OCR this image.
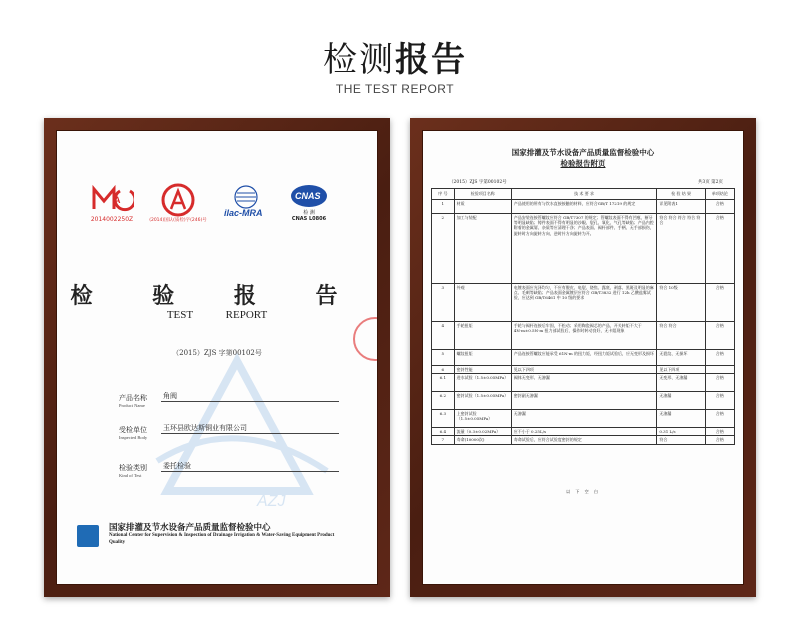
检测报告
THE TEST REPORT
A
2014002250Z	(2014)国认(质检)字(246)号
ilac-MRA
CNAS
检 测
CNAS L0806
AZJ
检 验 报 告
TEST REPORT
（2015）ZJS 字第00102号
产品名称
Product Name
角阀
受检单位
Inspected Body
玉环县欧达斯铜业有限公司
检验类别
Kind of Test
委托检验
国家排灌及节水设备产品质量监督检验中心
National Center for Supervision & Inspection of Drainage Irrigation & Water-Saving Equipment Product Quality
国家排灌及节水设备产品质量监督检验中心
检验报告附页
（2015）ZJS 字第00102号	共3页 第2页
序 号	检验项目名称	技 术 要 求	检 验 结 果	单项结论
1	材质	产品使用的所有与饮水直接接触的材料，应符合GB/T 17219 的规定	详见附表1	合格
2	加工与装配	产品安装连接管螺纹应符合 GB/T7307 的规定；管螺纹表面不得有凹痕、断牙等明显缺陷；铸件表面不得有明显的沙眼、裂孔、氧化、气孔等缺陷；产品内腔附着的金属屑、杂质等应清理干净；产品表面、阀杆部件、手柄、无手部损伤，旋转时方向旋转方向，逆时针方向旋转为开。	符合 符合 符合 符合 符合	合格
3	外观	电镀表面应光泽均匀，不应有脱皮、龟裂、烧焦、露底、剥落、黑斑及明显的麻点、毛刺等缺陷；产品表面金属镀层应符合 GB/T3832 进行 12h 乙酸盐雾试验，应达到 GB/T6461 中 10 级的要求	符合 10级	合格
4	手轮扭矩	手轮与阀杆连接后牢固，不松动；采用陶瓷阀芯的产品，开关转矩不大于 4N·m±0.5N·m 扭力部试验后，操作时转动良好，无卡阻现象	符合 符合	合格
5	螺纹扭矩	产品连接管螺纹应能承受 61N·m 的扭力矩，经扭力矩试验后，应无变形及损坏	无裂纹、无损坏	合格
6	密封性能	见以下四项	见以下四项	
6.1	进水试验（1.5±0.05MPa）	阀体无变形、无渗漏	无变形、无渗漏	合格
6.2	密封试验（1.5±0.05MPa）	密封副无渗漏	无渗漏	合格
6.3	上密封试验（1.5±0.05MPa）	无渗漏	无渗漏	合格
6.4	流量（0.3±0.02MPa）	应不小于 0.25L/s	0.31 L/s	合格
7	寿命(10000次)	寿命试验后，应符合试验度密封的规定	符合	合格
以 下 空 白
